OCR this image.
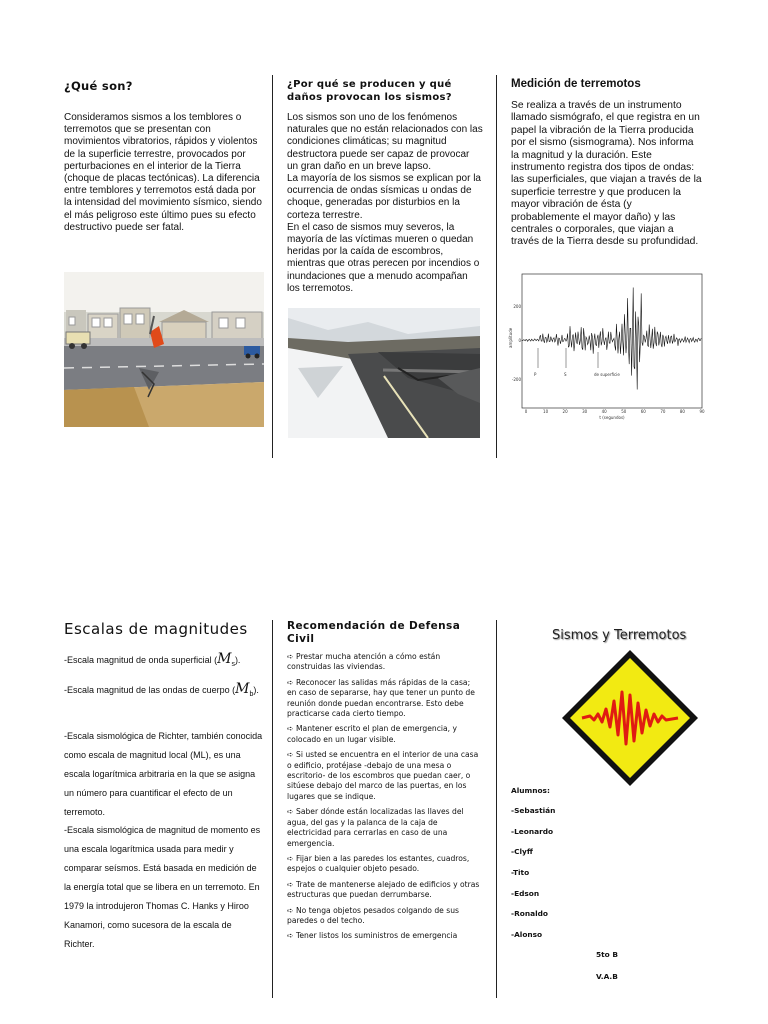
¿Qué son?

Consideramos sismos a los temblores o terremotos que se presentan con movimientos vibratorios, rápidos y violentos de la superficie terrestre, provocados por perturbaciones en el interior de la Tierra (choque de placas tectónicas). La diferencia entre temblores y terremotos está dada por la intensidad del movimiento sísmico, siendo el más peligroso este último pues su efecto destructivo puede ser fatal.

¿Por qué se producen y qué daños provocan los sismos?

Los sismos son uno de los fenómenos naturales que no están relacionados con las condiciones climáticas; su magnitud destructora puede ser capaz de provocar un gran daño en un breve lapso.
La mayoría de los sismos se explican por la ocurrencia de ondas sísmicas u ondas de choque, generadas por disturbios en la corteza terrestre.
En el caso de sismos muy severos, la mayoría de las víctimas mueren o quedan heridas por la caída de escombros, mientras que otras perecen por incendios o inundaciones que a menudo acompañan los terremotos.

Medición de terremotos

Se realiza a través de un instrumento llamado sismógrafo, el que registra en un papel la vibración de la Tierra producida por el sismo (sismograma). Nos informa la magnitud y la duración. Este instrumento registra dos tipos de ondas: las superficiales, que viajan a través de la superficie terrestre y que producen la mayor vibración de ésta (y probablemente el mayor daño) y las centrales o corporales, que viajan a través de la Tierra desde su profundidad.

amplitude
200
0
-200
0	10	20	30	40	50	60	70	80	90
t (segundos)
P	S	de superficie
Escalas de magnitudes

-Escala magnitud de onda superficial $(M_s)$.

-Escala magnitud de las ondas de cuerpo $(M_b)$.

-Escala sismológica de Richter, también conocida como escala de magnitud local (ML), es una escala logarítmica arbitraria en la que se asigna un número para cuantificar el efecto de un terremoto.

-Escala sismológica de magnitud de momento es una escala logarítmica usada para medir y comparar seísmos. Está basada en medición de la energía total que se libera en un terremoto. En 1979 la introdujeron Thomas C. Hanks y Hiroo Kanamori, como sucesora de la escala de Richter.

Recomendación de Defensa Civil

➪ Prestar mucha atención a cómo están construidas las viviendas.

➪ Reconocer las salidas más rápidas de la casa; en caso de separarse, hay que tener un punto de reunión donde puedan encontrarse. Esto debe practicarse cada cierto tiempo.

➪ Mantener escrito el plan de emergencia, y colocado en un lugar visible.

➪ Si usted se encuentra en el interior de una casa o edificio, protéjase -debajo de una mesa o escritorio- de los escombros que puedan caer, o sitúese debajo del marco de las puertas, en los lugares que se indique.

➪ Saber dónde están localizadas las llaves del agua, del gas y la palanca de la caja de electricidad para cerrarlas en caso de una emergencia.

➪ Fijar bien a las paredes los estantes, cuadros, espejos o cualquier objeto pesado.

➪ Trate de mantenerse alejado de edificios y otras estructuras que puedan derrumbarse.

➪ No tenga objetos pesados colgando de sus paredes o del techo.

➪ Tener listos los suministros de emergencia

Sismos y Terremotos
Alumnos:
-Sebastián
-Leonardo
-Clyff
-Tito
-Edson
-Ronaldo
-Alonso
5to B
V.A.B
